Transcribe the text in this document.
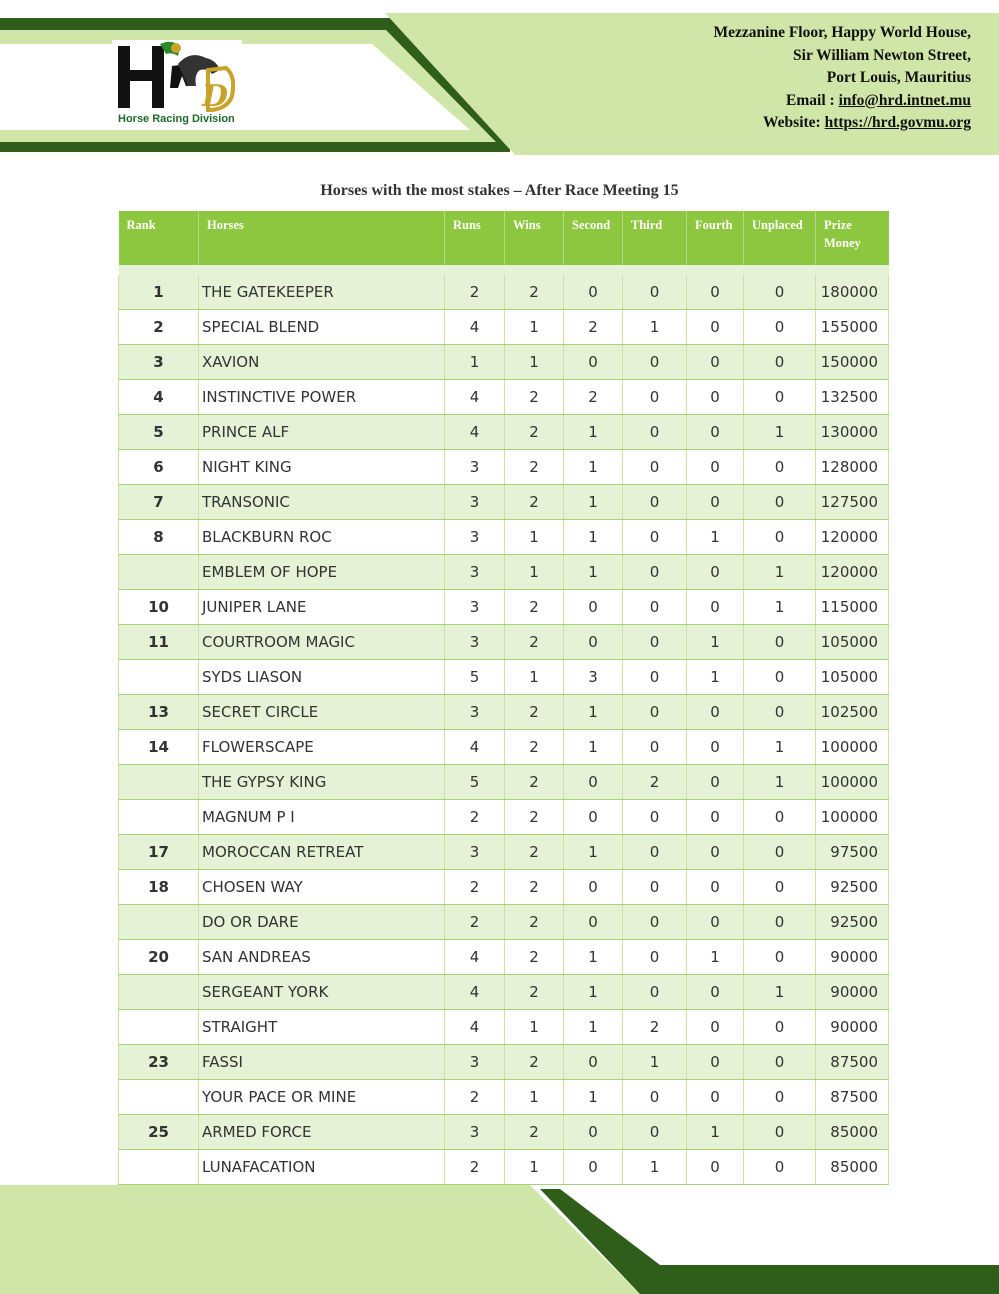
D
Horse Racing Division
Mezzanine Floor, Happy World House,
Sir William Newton Street,
Port Louis, Mauritius
Email : info@hrd.intnet.mu
Website: https://hrd.govmu.org
Horses with the most stakes – After Race Meeting 15
Rank	Horses	Runs	Wins	Second	Third	Fourth	Unplaced	Prize Money

1	THE GATEKEEPER	2	2	0	0	0	0	180000
2	SPECIAL BLEND	4	1	2	1	0	0	155000
3	XAVION	1	1	0	0	0	0	150000
4	INSTINCTIVE POWER	4	2	2	0	0	0	132500
5	PRINCE ALF	4	2	1	0	0	1	130000
6	NIGHT KING	3	2	1	0	0	0	128000
7	TRANSONIC	3	2	1	0	0	0	127500
8	BLACKBURN ROC	3	1	1	0	1	0	120000
	EMBLEM OF HOPE	3	1	1	0	0	1	120000
10	JUNIPER LANE	3	2	0	0	0	1	115000
11	COURTROOM MAGIC	3	2	0	0	1	0	105000
	SYDS LIASON	5	1	3	0	1	0	105000
13	SECRET CIRCLE	3	2	1	0	0	0	102500
14	FLOWERSCAPE	4	2	1	0	0	1	100000
	THE GYPSY KING	5	2	0	2	0	1	100000
	MAGNUM P I	2	2	0	0	0	0	100000
17	MOROCCAN RETREAT	3	2	1	0	0	0	97500
18	CHOSEN WAY	2	2	0	0	0	0	92500
	DO OR DARE	2	2	0	0	0	0	92500
20	SAN ANDREAS	4	2	1	0	1	0	90000
	SERGEANT YORK	4	2	1	0	0	1	90000
	STRAIGHT	4	1	1	2	0	0	90000
23	FASSI	3	2	0	1	0	0	87500
	YOUR PACE OR MINE	2	1	1	0	0	0	87500
25	ARMED FORCE	3	2	0	0	1	0	85000
	LUNAFACATION	2	1	0	1	0	0	85000
